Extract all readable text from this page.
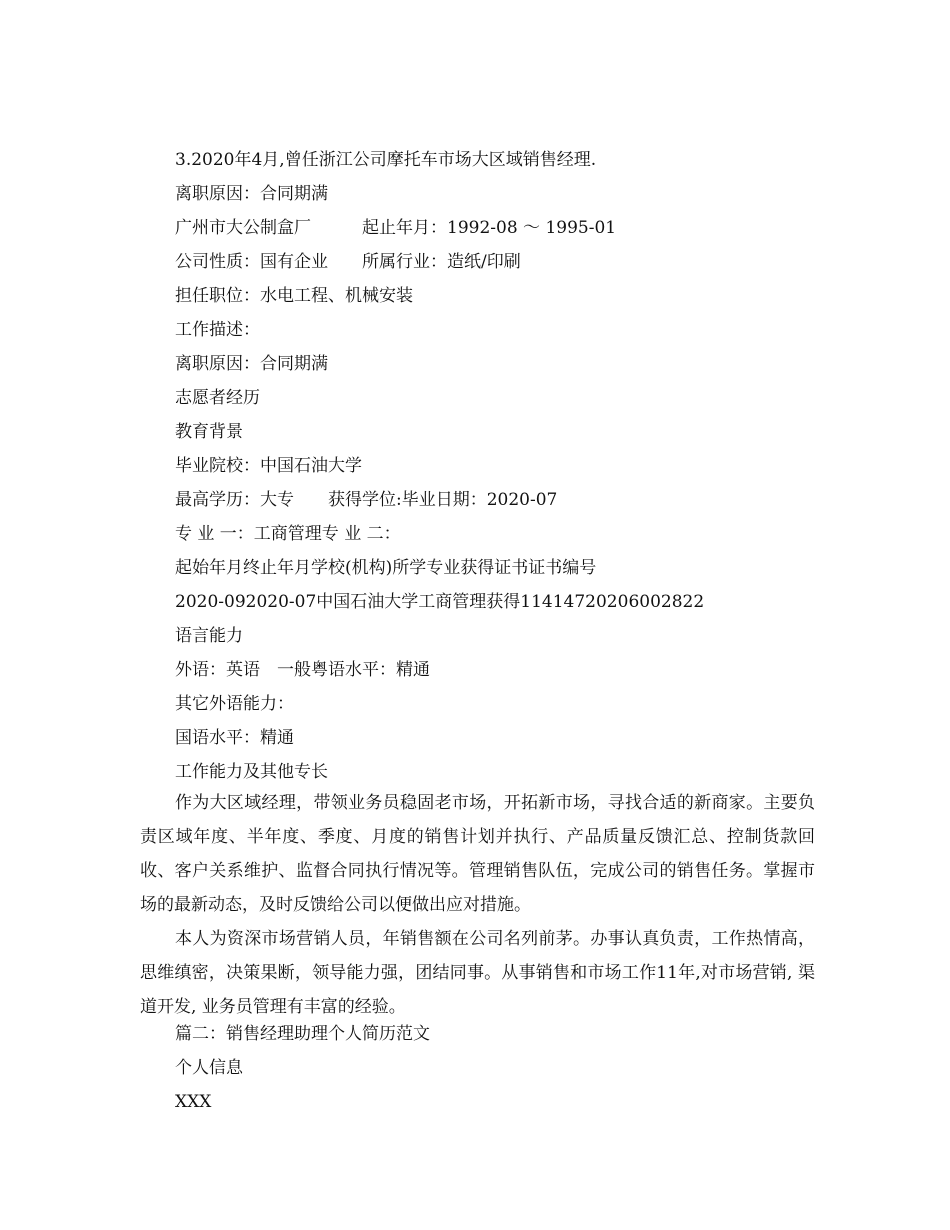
3.2020年4月,曾任浙江公司摩托车市场大区域销售经理.
离职原因：合同期满
广州市大公制盒厂　　　起止年月：1992-08 ～ 1995-01
公司性质：国有企业　　所属行业：造纸/印刷
担任职位：水电工程、机械安装
工作描述：
离职原因：合同期满
志愿者经历
教育背景
毕业院校：中国石油大学
最高学历：大专　　获得学位:毕业日期：2020-07
专 业 一：工商管理专 业 二：
起始年月终止年月学校(机构)所学专业获得证书证书编号
2020-092020-07中国石油大学工商管理获得11414720206002822
语言能力
外语：英语　一般粤语水平：精通
其它外语能力：
国语水平：精通
工作能力及其他专长
作为大区域经理，带领业务员稳固老市场，开拓新市场，寻找合适的新商家。主要负责区域年度、半年度、季度、月度的销售计划并执行、产品质量反馈汇总、控制货款回收、客户关系维护、监督合同执行情况等。管理销售队伍，完成公司的销售任务。掌握市场的最新动态，及时反馈给公司以便做出应对措施。
本人为资深市场营销人员，年销售额在公司名列前茅。办事认真负责，工作热情高，思维缜密，决策果断，领导能力强，团结同事。从事销售和市场工作11年,对市场营销, 渠道开发, 业务员管理有丰富的经验。
篇二：销售经理助理个人简历范文
个人信息
XXX
